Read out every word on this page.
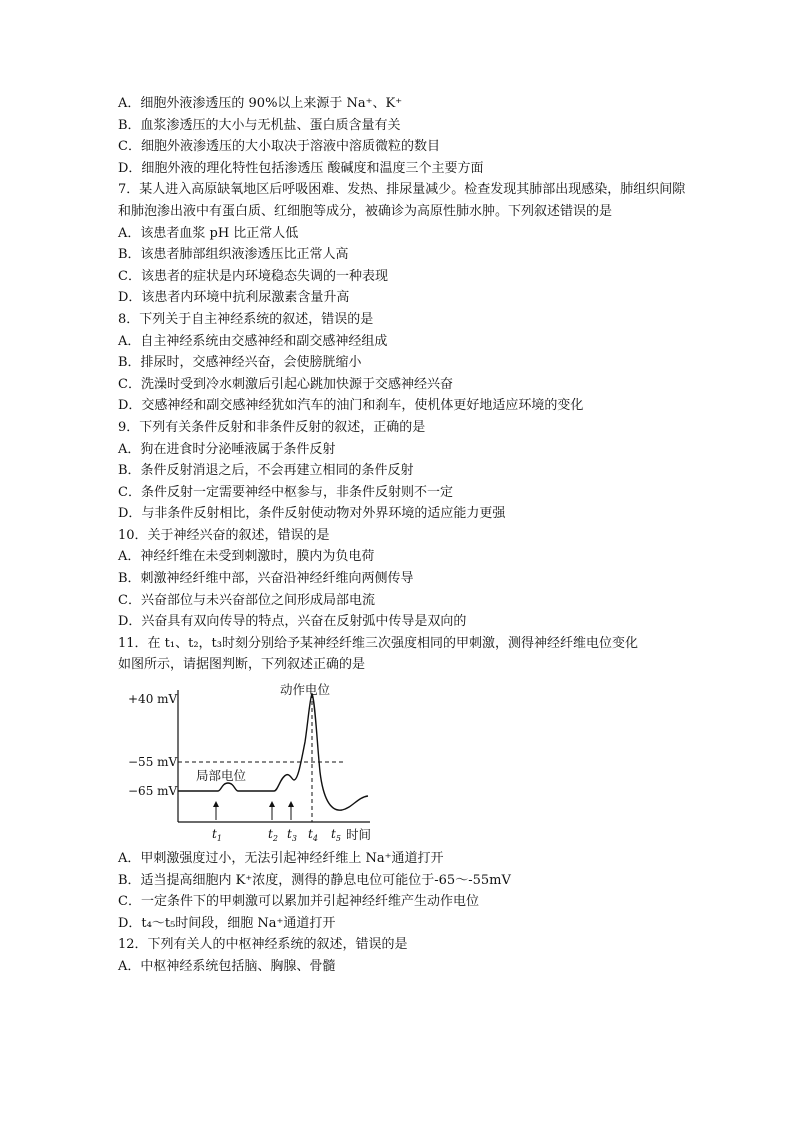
A．细胞外液渗透压的 90%以上来源于 Na⁺、K⁺

B．血浆渗透压的大小与无机盐、蛋白质含量有关

C．细胞外液渗透压的大小取决于溶液中溶质微粒的数目

D．细胞外液的理化特性包括渗透压 酸碱度和温度三个主要方面

7．某人进入高原缺氧地区后呼吸困难、发热、排尿量减少。检查发现其肺部出现感染，肺组织间隙和肺泡渗出液中有蛋白质、红细胞等成分，被确诊为高原性肺水肿。下列叙述错误的是

A．该患者血浆 pH 比正常人低

B．该患者肺部组织液渗透压比正常人高

C．该患者的症状是内环境稳态失调的一种表现

D．该患者内环境中抗利尿激素含量升高

8．下列关于自主神经系统的叙述，错误的是

A．自主神经系统由交感神经和副交感神经组成

B．排尿时，交感神经兴奋，会使膀胱缩小

C．洗澡时受到冷水刺激后引起心跳加快源于交感神经兴奋

D．交感神经和副交感神经犹如汽车的油门和刹车，使机体更好地适应环境的变化

9．下列有关条件反射和非条件反射的叙述，正确的是

A．狗在进食时分泌唾液属于条件反射

B．条件反射消退之后，不会再建立相同的条件反射

C．条件反射一定需要神经中枢参与，非条件反射则不一定

D．与非条件反射相比，条件反射使动物对外界环境的适应能力更强

10．关于神经兴奋的叙述，错误的是

A．神经纤维在未受到刺激时，膜内为负电荷

B．刺激神经纤维中部，兴奋沿神经纤维向两侧传导

C．兴奋部位与未兴奋部位之间形成局部电流

D．兴奋具有双向传导的特点，兴奋在反射弧中传导是双向的

11．在 t₁、t₂，t₃时刻分别给予某神经纤维三次强度相同的甲刺激，测得神经纤维电位变化

如图所示，请据图判断，下列叙述正确的是

+40 mV
−55 mV
−65 mV
动作电位
局部电位
$t_1$	$t_2$ $t_3$ $t_4$ $t_5$ 时间

A．甲刺激强度过小，无法引起神经纤维上 Na⁺通道打开

B．适当提高细胞内 K⁺浓度，测得的静息电位可能位于-65～-55mV

C．一定条件下的甲刺激可以累加并引起神经纤维产生动作电位

D．t₄～t₅时间段，细胞 Na⁺通道打开

12．下列有关人的中枢神经系统的叙述，错误的是

A．中枢神经系统包括脑、胸腺、骨髓
